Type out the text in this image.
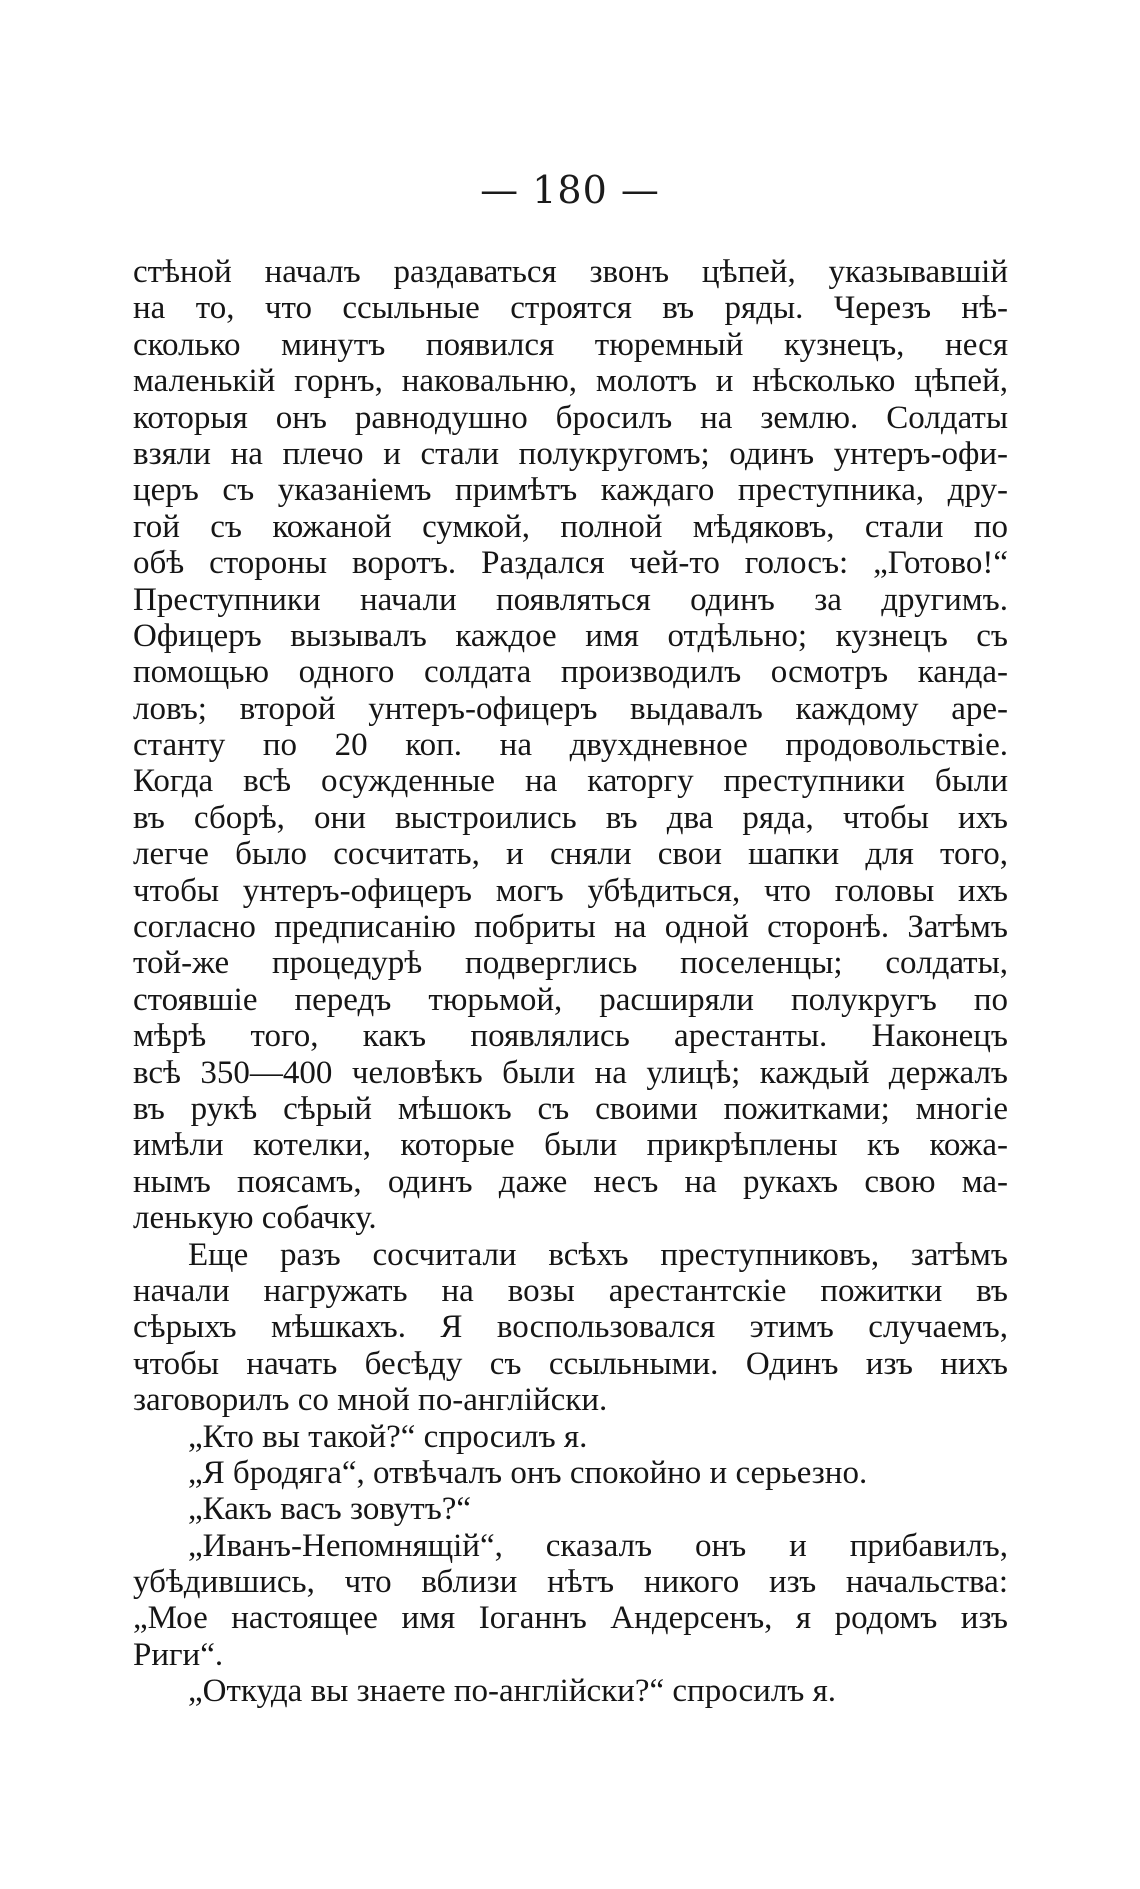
— 180 —
стѣной началъ раздаваться звонъ цѣпей, указывавшій
на то, что ссыльные строятся въ ряды. Черезъ нѣ-
сколько минутъ появился тюремный кузнецъ, неся
маленькій горнъ, наковальню, молотъ и нѣсколько цѣпей,
которыя онъ равнодушно бросилъ на землю. Солдаты
взяли на плечо и стали полукругомъ; одинъ унтеръ-офи-
церъ съ указаніемъ примѣтъ каждаго преступника, дру-
гой съ кожаной сумкой, полной мѣдяковъ, стали по
обѣ стороны воротъ. Раздался чей-то голосъ: „Готово!“
Преступники начали появляться одинъ за другимъ.
Офицеръ вызывалъ каждое имя отдѣльно; кузнецъ съ
помощью одного солдата производилъ осмотръ канда-
ловъ; второй унтеръ-офицеръ выдавалъ каждому аре-
станту по 20 коп. на двухдневное продовольствіе.
Когда всѣ осужденные на каторгу преступники были
въ сборѣ, они выстроились въ два ряда, чтобы ихъ
легче было сосчитать, и сняли свои шапки для того,
чтобы унтеръ-офицеръ могъ убѣдиться, что головы ихъ
согласно предписанію побриты на одной сторонѣ. Затѣмъ
той-же процедурѣ подверглись поселенцы; солдаты,
стоявшіе передъ тюрьмой, расширяли полукругъ по
мѣрѣ того, какъ появлялись арестанты. Наконецъ
всѣ 350—400 человѣкъ были на улицѣ; каждый держалъ
въ рукѣ сѣрый мѣшокъ съ своими пожитками; многіе
имѣли котелки, которые были прикрѣплены къ кожа-
нымъ поясамъ, одинъ даже несъ на рукахъ свою ма-
ленькую собачку.
Еще разъ сосчитали всѣхъ преступниковъ, затѣмъ
начали нагружать на возы арестантскіе пожитки въ
сѣрыхъ мѣшкахъ. Я воспользовался этимъ случаемъ,
чтобы начать бесѣду съ ссыльными. Одинъ изъ нихъ
заговорилъ со мной по-англійски.
„Кто вы такой?“ спросилъ я.
„Я бродяга“, отвѣчалъ онъ спокойно и серьезно.
„Какъ васъ зовутъ?“
„Иванъ-Непомнящій“, сказалъ онъ и прибавилъ,
убѣдившись, что вблизи нѣтъ никого изъ начальства:
„Мое настоящее имя Іоганнъ Андерсенъ, я родомъ изъ
Риги“.
„Откуда вы знаете по-англійски?“ спросилъ я.
